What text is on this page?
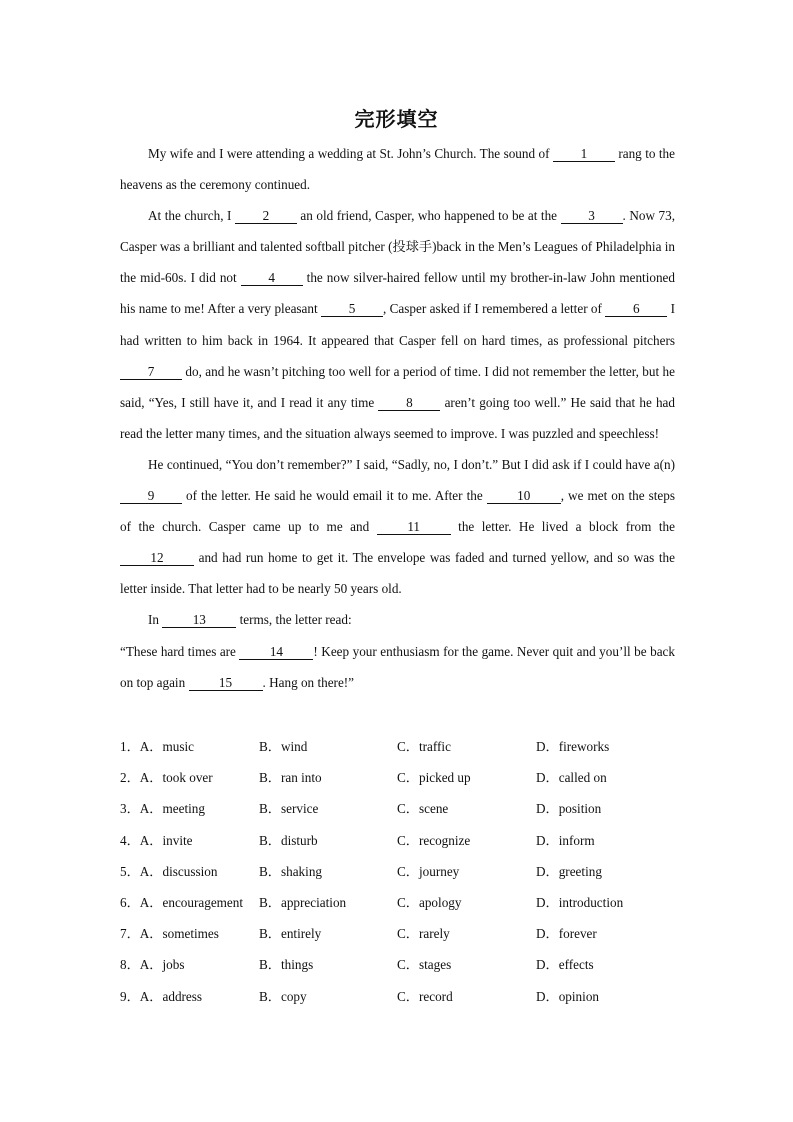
完形填空

My wife and I were attending a wedding at St. John’s Church. The sound of 1 rang to the heavens as the ceremony continued.

At the church, I 2 an old friend, Casper, who happened to be at the 3 . Now 73, Casper was a brilliant and talented softball pitcher (投球手)back in the Men’s Leagues of Philadelphia in the mid-60s. I did not 4 the now silver-haired fellow until my brother-in-law John mentioned his name to me! After a very pleasant 5 , Casper asked if I remembered a letter of 6 I had written to him back in 1964. It appeared that Casper fell on hard times, as professional pitchers 7 do, and he wasn’t pitching too well for a period of time. I did not remember the letter, but he said, “Yes, I still have it, and I read it any time 8 aren’t going too well.” He said that he had read the letter many times, and the situation always seemed to improve. I was puzzled and speechless!

He continued, “You don’t remember?” I said, “Sadly, no, I don’t.” But I did ask if I could have a(n) 9 of the letter. He said he would email it to me. After the 10 , we met on the steps of the church. Casper came up to me and 11 the letter. He lived a block from the 12 and had run home to get it. The envelope was faded and turned yellow, and so was the letter inside. That letter had to be nearly 50 years old.

In 13 terms, the letter read:

“These hard times are 14 ! Keep your enthusiasm for the game. Never quit and you’ll be back on top again 15 . Hang on there!”

1．A．music	B．wind	C．traffic	D．fireworks
2．A．took over	B．ran into	C．picked up	D．called on
3．A．meeting	B．service	C．scene	D．position
4．A．invite	B．disturb	C．recognize	D．inform
5．A．discussion	B．shaking	C．journey	D．greeting
6．A．encouragement B．appreciation	C．apology	D．introduction
7．A．sometimes	B．entirely	C．rarely	D．forever
8．A．jobs	B．things	C．stages	D．effects
9．A．address	B．copy	C．record	D．opinion
